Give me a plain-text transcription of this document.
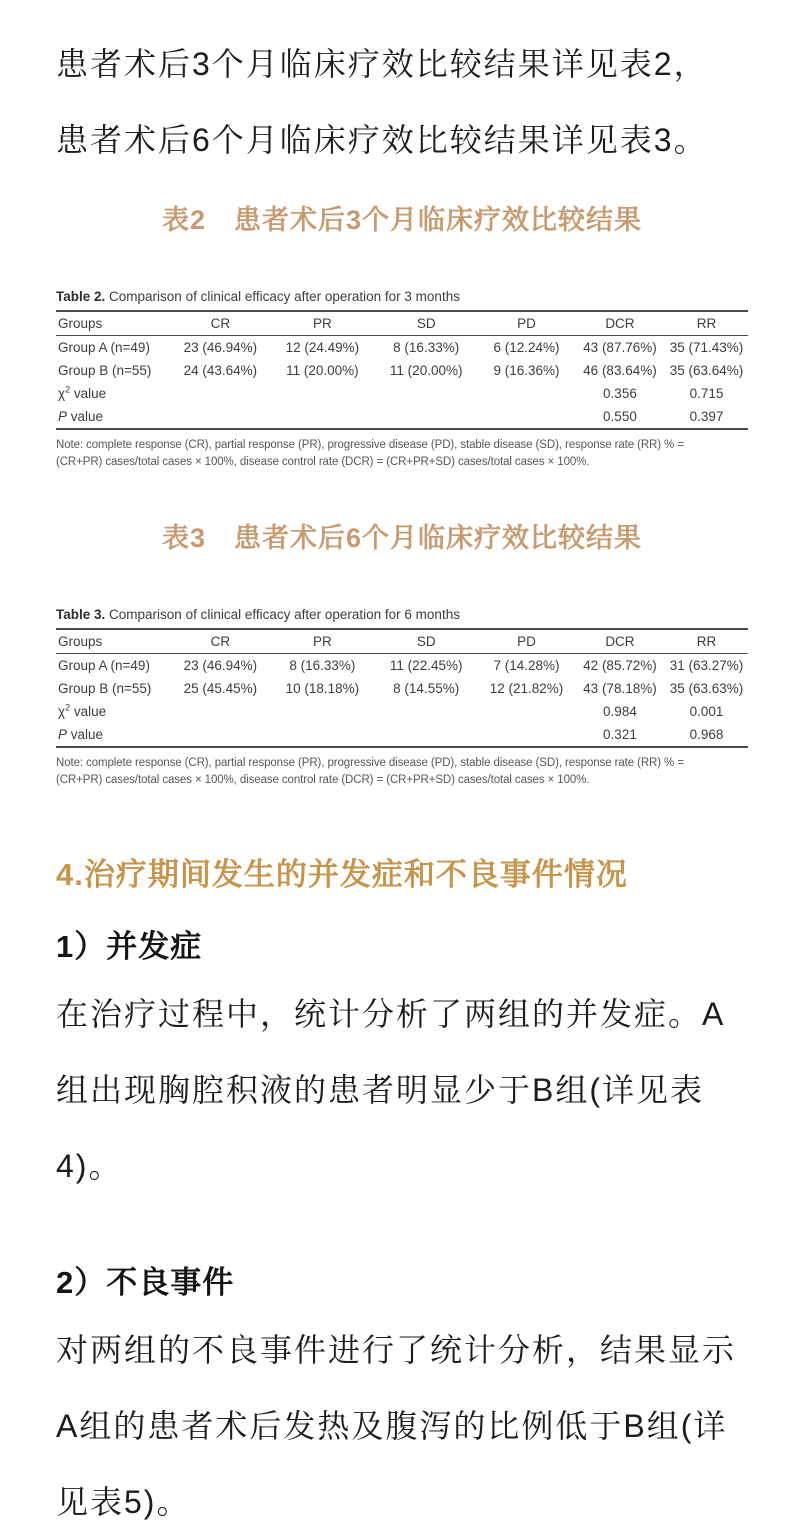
患者术后3个月临床疗效比较结果详见表2，
患者术后6个月临床疗效比较结果详见表3。

表2　患者术后3个月临床疗效比较结果

Table 2. Comparison of clinical efficacy after operation for 3 months

Groups	CR	PR	SD	PD	DCR	RR
Group A (n=49)	23 (46.94%)	12 (24.49%)	8 (16.33%)	6 (12.24%)	43 (87.76%)	35 (71.43%)
Group B (n=55)	24 (43.64%)	11 (20.00%)	11 (20.00%)	9 (16.36%)	46 (83.64%)	35 (63.64%)
$\chi^2$ value					0.356	0.715
P value					0.550	0.397

Note: complete response (CR), partial response (PR), progressive disease (PD), stable disease (SD), response rate (RR) % =
(CR+PR) cases/total cases × 100%, disease control rate (DCR) = (CR+PR+SD) cases/total cases × 100%.

表3　患者术后6个月临床疗效比较结果

Table 3. Comparison of clinical efficacy after operation for 6 months

Groups	CR	PR	SD	PD	DCR	RR
Group A (n=49)	23 (46.94%)	8 (16.33%)	11 (22.45%)	7 (14.28%)	42 (85.72%)	31 (63.27%)
Group B (n=55)	25 (45.45%)	10 (18.18%)	8 (14.55%)	12 (21.82%)	43 (78.18%)	35 (63.63%)
$\chi^2$ value					0.984	0.001
P value					0.321	0.968

Note: complete response (CR), partial response (PR), progressive disease (PD), stable disease (SD), response rate (RR) % =
(CR+PR) cases/total cases × 100%, disease control rate (DCR) = (CR+PR+SD) cases/total cases × 100%.

4.治疗期间发生的并发症和不良事件情况
1）并发症

在治疗过程中，统计分析了两组的并发症。A
组出现胸腔积液的患者明显少于B组(详见表
4)。

2）不良事件

对两组的不良事件进行了统计分析，结果显示
A组的患者术后发热及腹泻的比例低于B组(详
见表5)。
